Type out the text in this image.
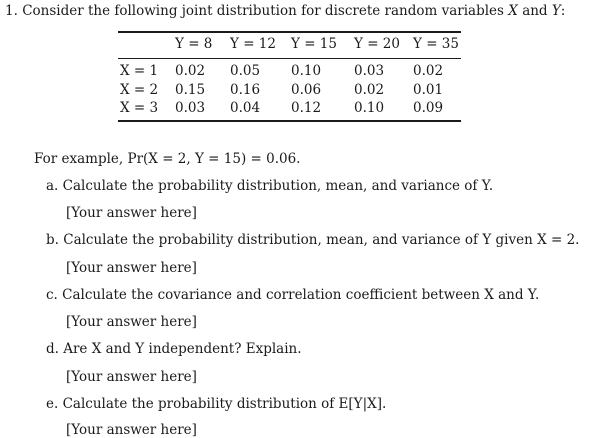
1. Consider the following joint distribution for discrete random variables X and Y:
Y = 8 Y = 12 Y = 15 Y = 20 Y = 35
X = 1 0.02 0.05 0.10 0.03 0.02
X = 2 0.15 0.16 0.06 0.02 0.01
X = 3 0.03 0.04 0.12 0.10 0.09
For example, Pr(X = 2, Y = 15) = 0.06.
a. Calculate the probability distribution, mean, and variance of Y.
[Your answer here]
b. Calculate the probability distribution, mean, and variance of Y given X = 2.
[Your answer here]
c. Calculate the covariance and correlation coefficient between X and Y.
[Your answer here]
d. Are X and Y independent? Explain.
[Your answer here]
e. Calculate the probability distribution of E[Y|X].
[Your answer here]
